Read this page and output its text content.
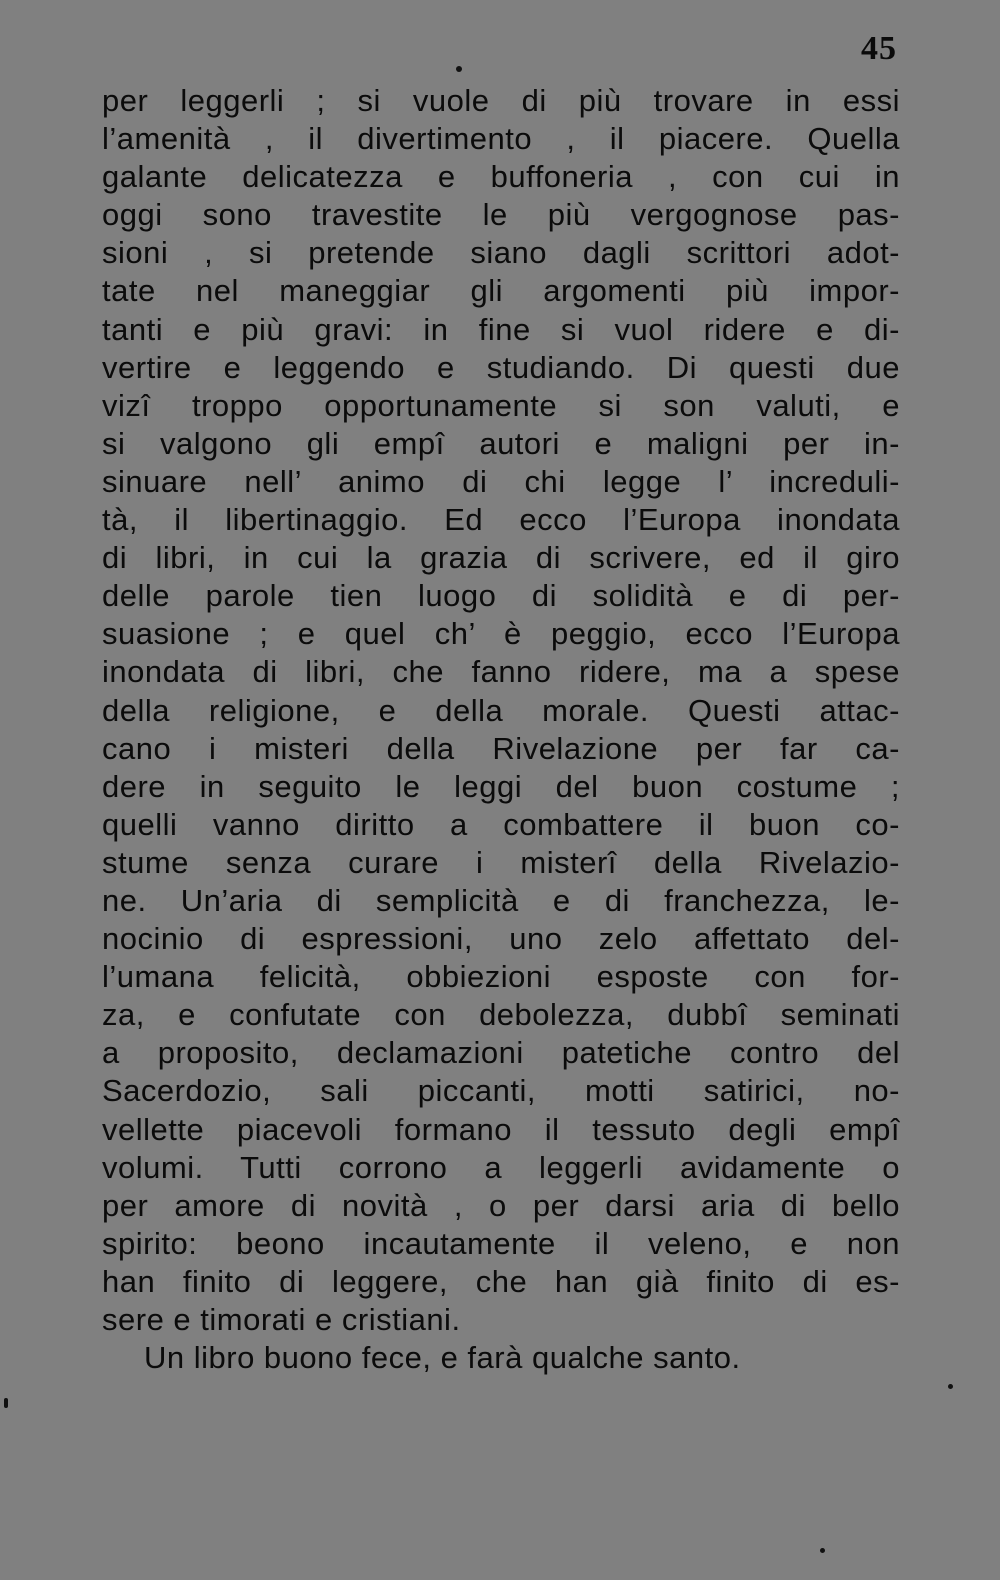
45
per leggerli ; si vuole di più trovare in essi
l’amenità , il divertimento , il piacere. Quella
galante delicatezza e buffoneria , con cui in
oggi sono travestite le più vergognose pas-
sioni , si pretende siano dagli scrittori adot-
tate nel maneggiar gli argomenti più impor-
tanti e più gravi: in fine si vuol ridere e di-
vertire e leggendo e studiando. Di questi due
vizî troppo opportunamente si son valuti, e
si valgono gli empî autori e maligni per in-
sinuare nell’ animo di chi legge l’ increduli-
tà, il libertinaggio. Ed ecco l’Europa inondata
di libri, in cui la grazia di scrivere, ed il giro
delle parole tien luogo di solidità e di per-
suasione ; e quel ch’ è peggio, ecco l’Europa
inondata di libri, che fanno ridere, ma a spese
della religione, e della morale. Questi attac-
cano i misteri della Rivelazione per far ca-
dere in seguito le leggi del buon costume ;
quelli vanno diritto a combattere il buon co-
stume senza curare i misterî della Rivelazio-
ne. Un’aria di semplicità e di franchezza, le-
nocinio di espressioni, uno zelo affettato del-
l’umana felicità, obbiezioni esposte con for-
za, e confutate con debolezza, dubbî seminati
a proposito, declamazioni patetiche contro del
Sacerdozio, sali piccanti, motti satirici, no-
vellette piacevoli formano il tessuto degli empî
volumi. Tutti corrono a leggerli avidamente o
per amore di novità , o per darsi aria di bello
spirito: beono incautamente il veleno, e non
han finito di leggere, che han già finito di es-
sere e timorati e cristiani.
Un libro buono fece, e farà qualche santo.
